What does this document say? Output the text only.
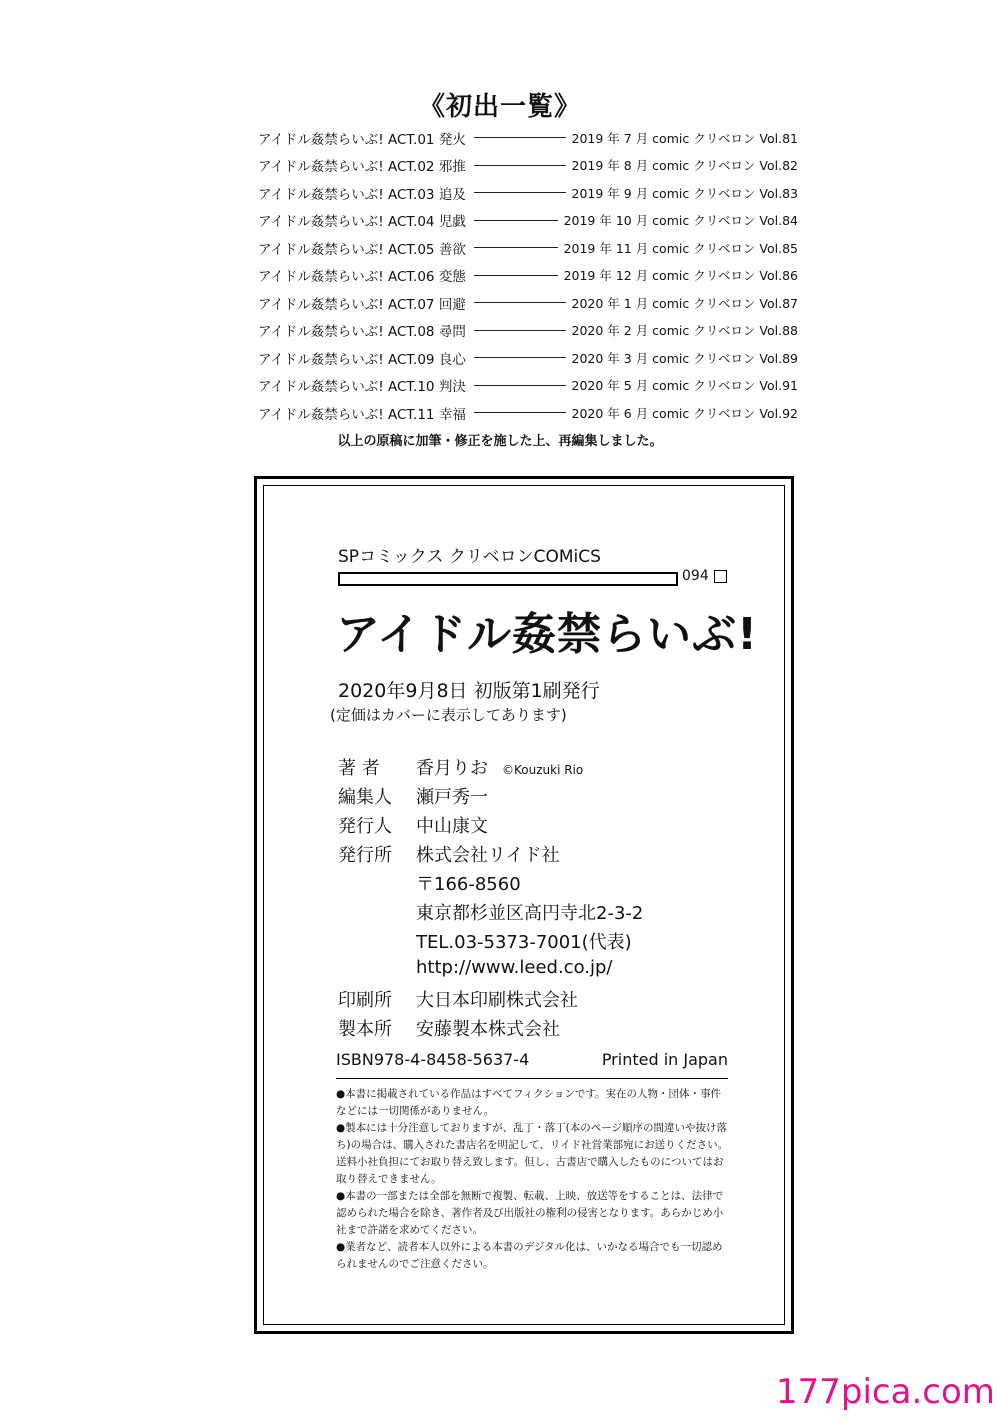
《初出一覧》
アイドル姦禁らいぶ! ACT.01 発火	2019 年 7 月 comic クリベロン Vol.81
アイドル姦禁らいぶ! ACT.02 邪推	2019 年 8 月 comic クリベロン Vol.82
アイドル姦禁らいぶ! ACT.03 追及	2019 年 9 月 comic クリベロン Vol.83
アイドル姦禁らいぶ! ACT.04 児戯	2019 年 10 月 comic クリベロン Vol.84
アイドル姦禁らいぶ! ACT.05 善欲	2019 年 11 月 comic クリベロン Vol.85
アイドル姦禁らいぶ! ACT.06 変態	2019 年 12 月 comic クリベロン Vol.86
アイドル姦禁らいぶ! ACT.07 回避	2020 年 1 月 comic クリベロン Vol.87
アイドル姦禁らいぶ! ACT.08 尋問	2020 年 2 月 comic クリベロン Vol.88
アイドル姦禁らいぶ! ACT.09 良心	2020 年 3 月 comic クリベロン Vol.89
アイドル姦禁らいぶ! ACT.10 判決	2020 年 5 月 comic クリベロン Vol.91
アイドル姦禁らいぶ! ACT.11 幸福	2020 年 6 月 comic クリベロン Vol.92
以上の原稿に加筆・修正を施した上、再編集しました。
SPコミックス クリベロンCOMiCS
094
アイドル姦禁らいぶ!
2020年9月8日 初版第1刷発行
(定価はカバーに表示してあります)
著 者	香月りお ©Kouzuki Rio
編集人	瀬戸秀一
発行人	中山康文
発行所	株式会社リイド社
〒166-8560
東京都杉並区高円寺北2-3-2
TEL.03-5373-7001(代表)
http://www.leed.co.jp/
印刷所	大日本印刷株式会社
製本所	安藤製本株式会社
ISBN978-4-8458-5637-4	Printed in Japan

●本書に掲載されている作品はすべてフィクションです。実在の人物・団体・事件などには一切関係がありません。

●製本には十分注意しておりますが、乱丁・落丁(本のページ順序の間違いや抜け落ち)の場合は、購入された書店名を明記して、リイド社営業部宛にお送りください。送料小社負担にてお取り替え致します。但し、古書店で購入したものについてはお取り替えできません。

●本書の一部または全部を無断で複製、転載、上映、放送等をすることは、法律で認められた場合を除き、著作者及び出版社の権利の侵害となります。あらかじめ小社まで許諾を求めてください。

●業者など、読者本人以外による本書のデジタル化は、いかなる場合でも一切認められませんのでご注意ください。

177pica.com
